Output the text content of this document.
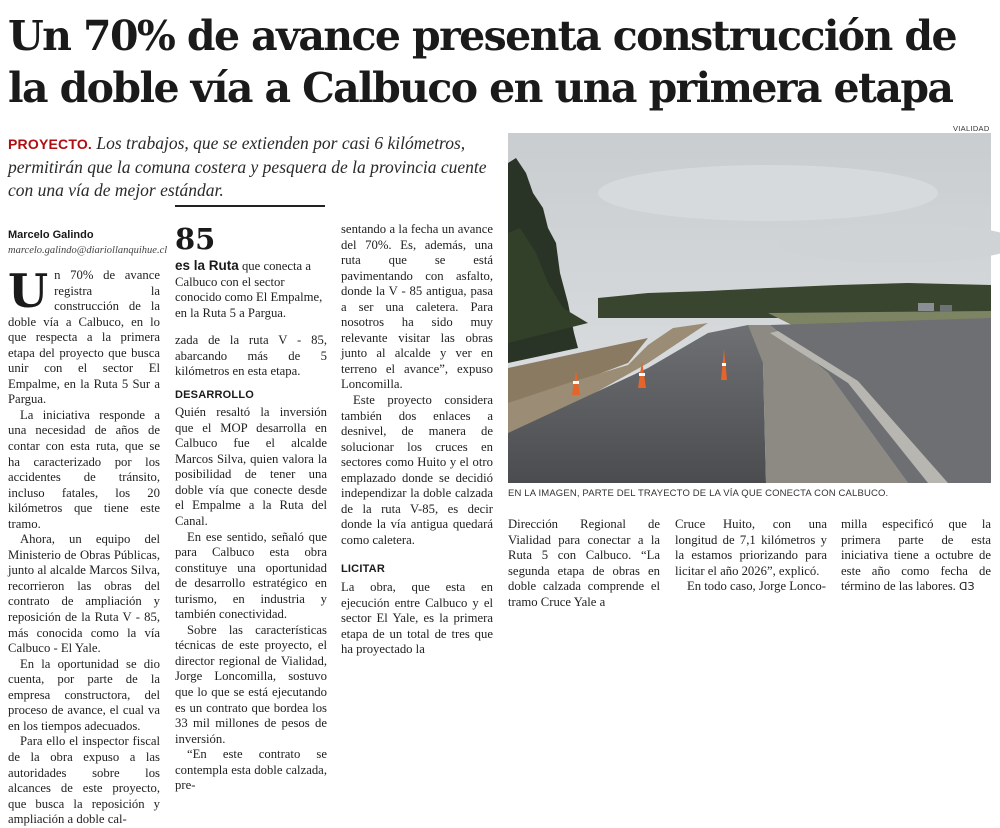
Un 70% de avance presenta construcción de la doble vía a Calbuco en una primera etapa
VIALIDAD
PROYECTO. Los trabajos, que se extienden por casi 6 kilómetros, permitirán que la comuna costera y pesquera de la provincia cuente con una vía de mejor estándar.
EN LA IMAGEN, PARTE DEL TRAYECTO DE LA VÍA QUE CONECTA CON CALBUCO.
Marcelo Galindo
marcelo.galindo@diariollanquihue.cl

Un 70% de avance registra la construcción de la doble vía a Calbuco, en lo que respecta a la primera etapa del proyecto que busca unir con el sector El Empalme, en la Ruta 5 Sur a Pargua.

La iniciativa responde a una necesidad de años de contar con esta ruta, que se ha caracterizado por los accidentes de tránsito, incluso fatales, los 20 kilómetros que tiene este tramo.

Ahora, un equipo del Ministerio de Obras Públicas, junto al alcalde Marcos Silva, recorrieron las obras del contrato de ampliación y reposición de la Ruta V - 85, más conocida como la vía Calbuco - El Yale.

En la oportunidad se dio cuenta, por parte de la empresa constructora, del proceso de avance, el cual va en los tiempos adecuados.

Para ello el inspector fiscal de la obra expuso a las autoridades sobre los alcances de este proyecto, que busca la reposición y ampliación a doble cal-

85
es la Ruta que conecta a Calbuco con el sector conocido como El Empalme, en la Ruta 5 a Pargua.

zada de la ruta V - 85, abarcando más de 5 kilómetros en esta etapa.

DESARROLLO

Quién resaltó la inversión que el MOP desarrolla en Calbuco fue el alcalde Marcos Silva, quien valora la posibilidad de tener una doble vía que conecte desde el Empalme a la Ruta del Canal.

En ese sentido, señaló que para Calbuco esta obra constituye una oportunidad de desarrollo estratégico en turismo, en industria y también conectividad.

Sobre las características técnicas de este proyecto, el director regional de Vialidad, Jorge Loncomilla, sostuvo que lo que se está ejecutando es un contrato que bordea los 33 mil millones de pesos de inversión.

“En este contrato se contempla esta doble calzada, pre-

sentando a la fecha un avance del 70%. Es, además, una ruta que se está pavimentando con asfalto, donde la V - 85 antigua, pasa a ser una caletera. Para nosotros ha sido muy relevante visitar las obras junto al alcalde y ver en terreno el avance”, expuso Loncomilla.

Este proyecto considera también dos enlaces a desnivel, de manera de solucionar los cruces en sectores como Huito y el otro emplazado donde se decidió independizar la doble calzada de la ruta V-85, es decir donde la vía antigua quedará como caletera.

LICITAR

La obra, que esta en ejecución entre Calbuco y el sector El Yale, es la primera etapa de un total de tres que ha proyectado la

Dirección Regional de Vialidad para conectar a la Ruta 5 con Calbuco. “La segunda etapa de obras en doble calzada comprende el tramo Cruce Yale a

Cruce Huito, con una longitud de 7,1 kilómetros y la estamos priorizando para licitar el año 2026”, explicó.

En todo caso, Jorge Lonco-

milla especificó que la primera parte de esta iniciativa tiene a octubre de este año como fecha de término de las labores. ᗡЗ
